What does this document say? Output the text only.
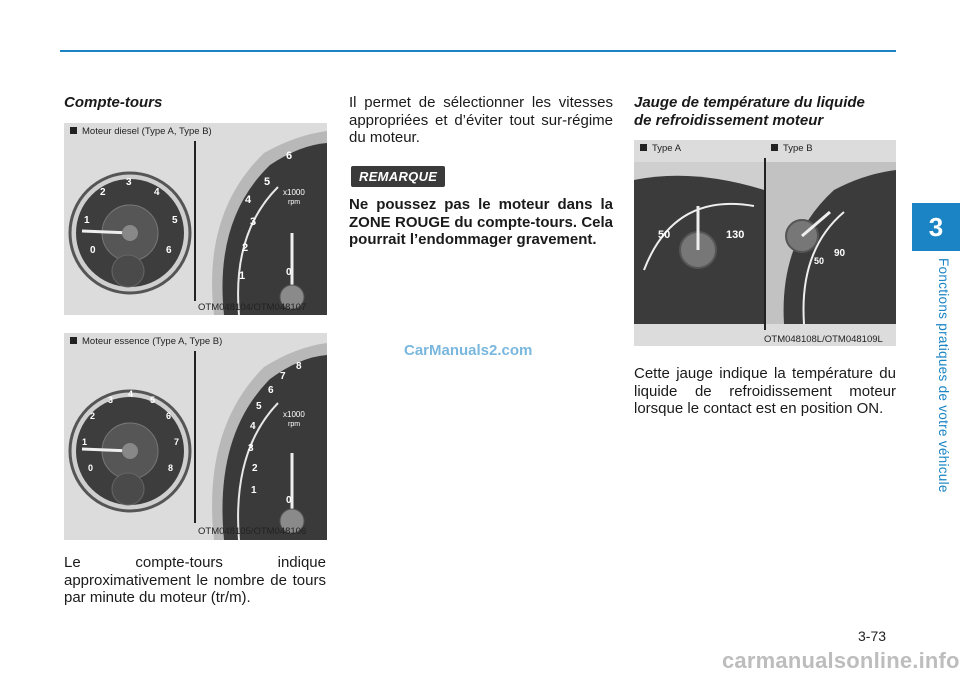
3
Fonctions pratiques de votre véhicule
Compte-tours
Moteur diesel (Type A, Type B)
0
1
2
3
4
5
6
1
2
3
4
5
6
x1000
rpm
0
OTM048104/OTM048107
Moteur essence (Type A, Type B)
0
1
2
3
4
5
6
7
8
1
2
3
4
5
6
7
8
x1000
rpm
0
OTM048105/OTM048106

Le compte-tours indique approximativement le nombre de tours par minute du moteur (tr/m).

Il permet de sélectionner les vitesses appropriées et d’éviter tout sur-régime du moteur.

REMARQUE

Ne poussez pas le moteur dans la ZONE ROUGE du compte-tours. Cela pourrait l’endommager gravement.

CarManuals2.com
Jauge de température du liquide
de refroidissement moteur
Type A	Type B
50	130
90
50
OTM048108L/OTM048109L

Cette jauge indique la température du liquide de refroidissement moteur lorsque le contact est en position ON.

3-73
carmanualsonline.info
